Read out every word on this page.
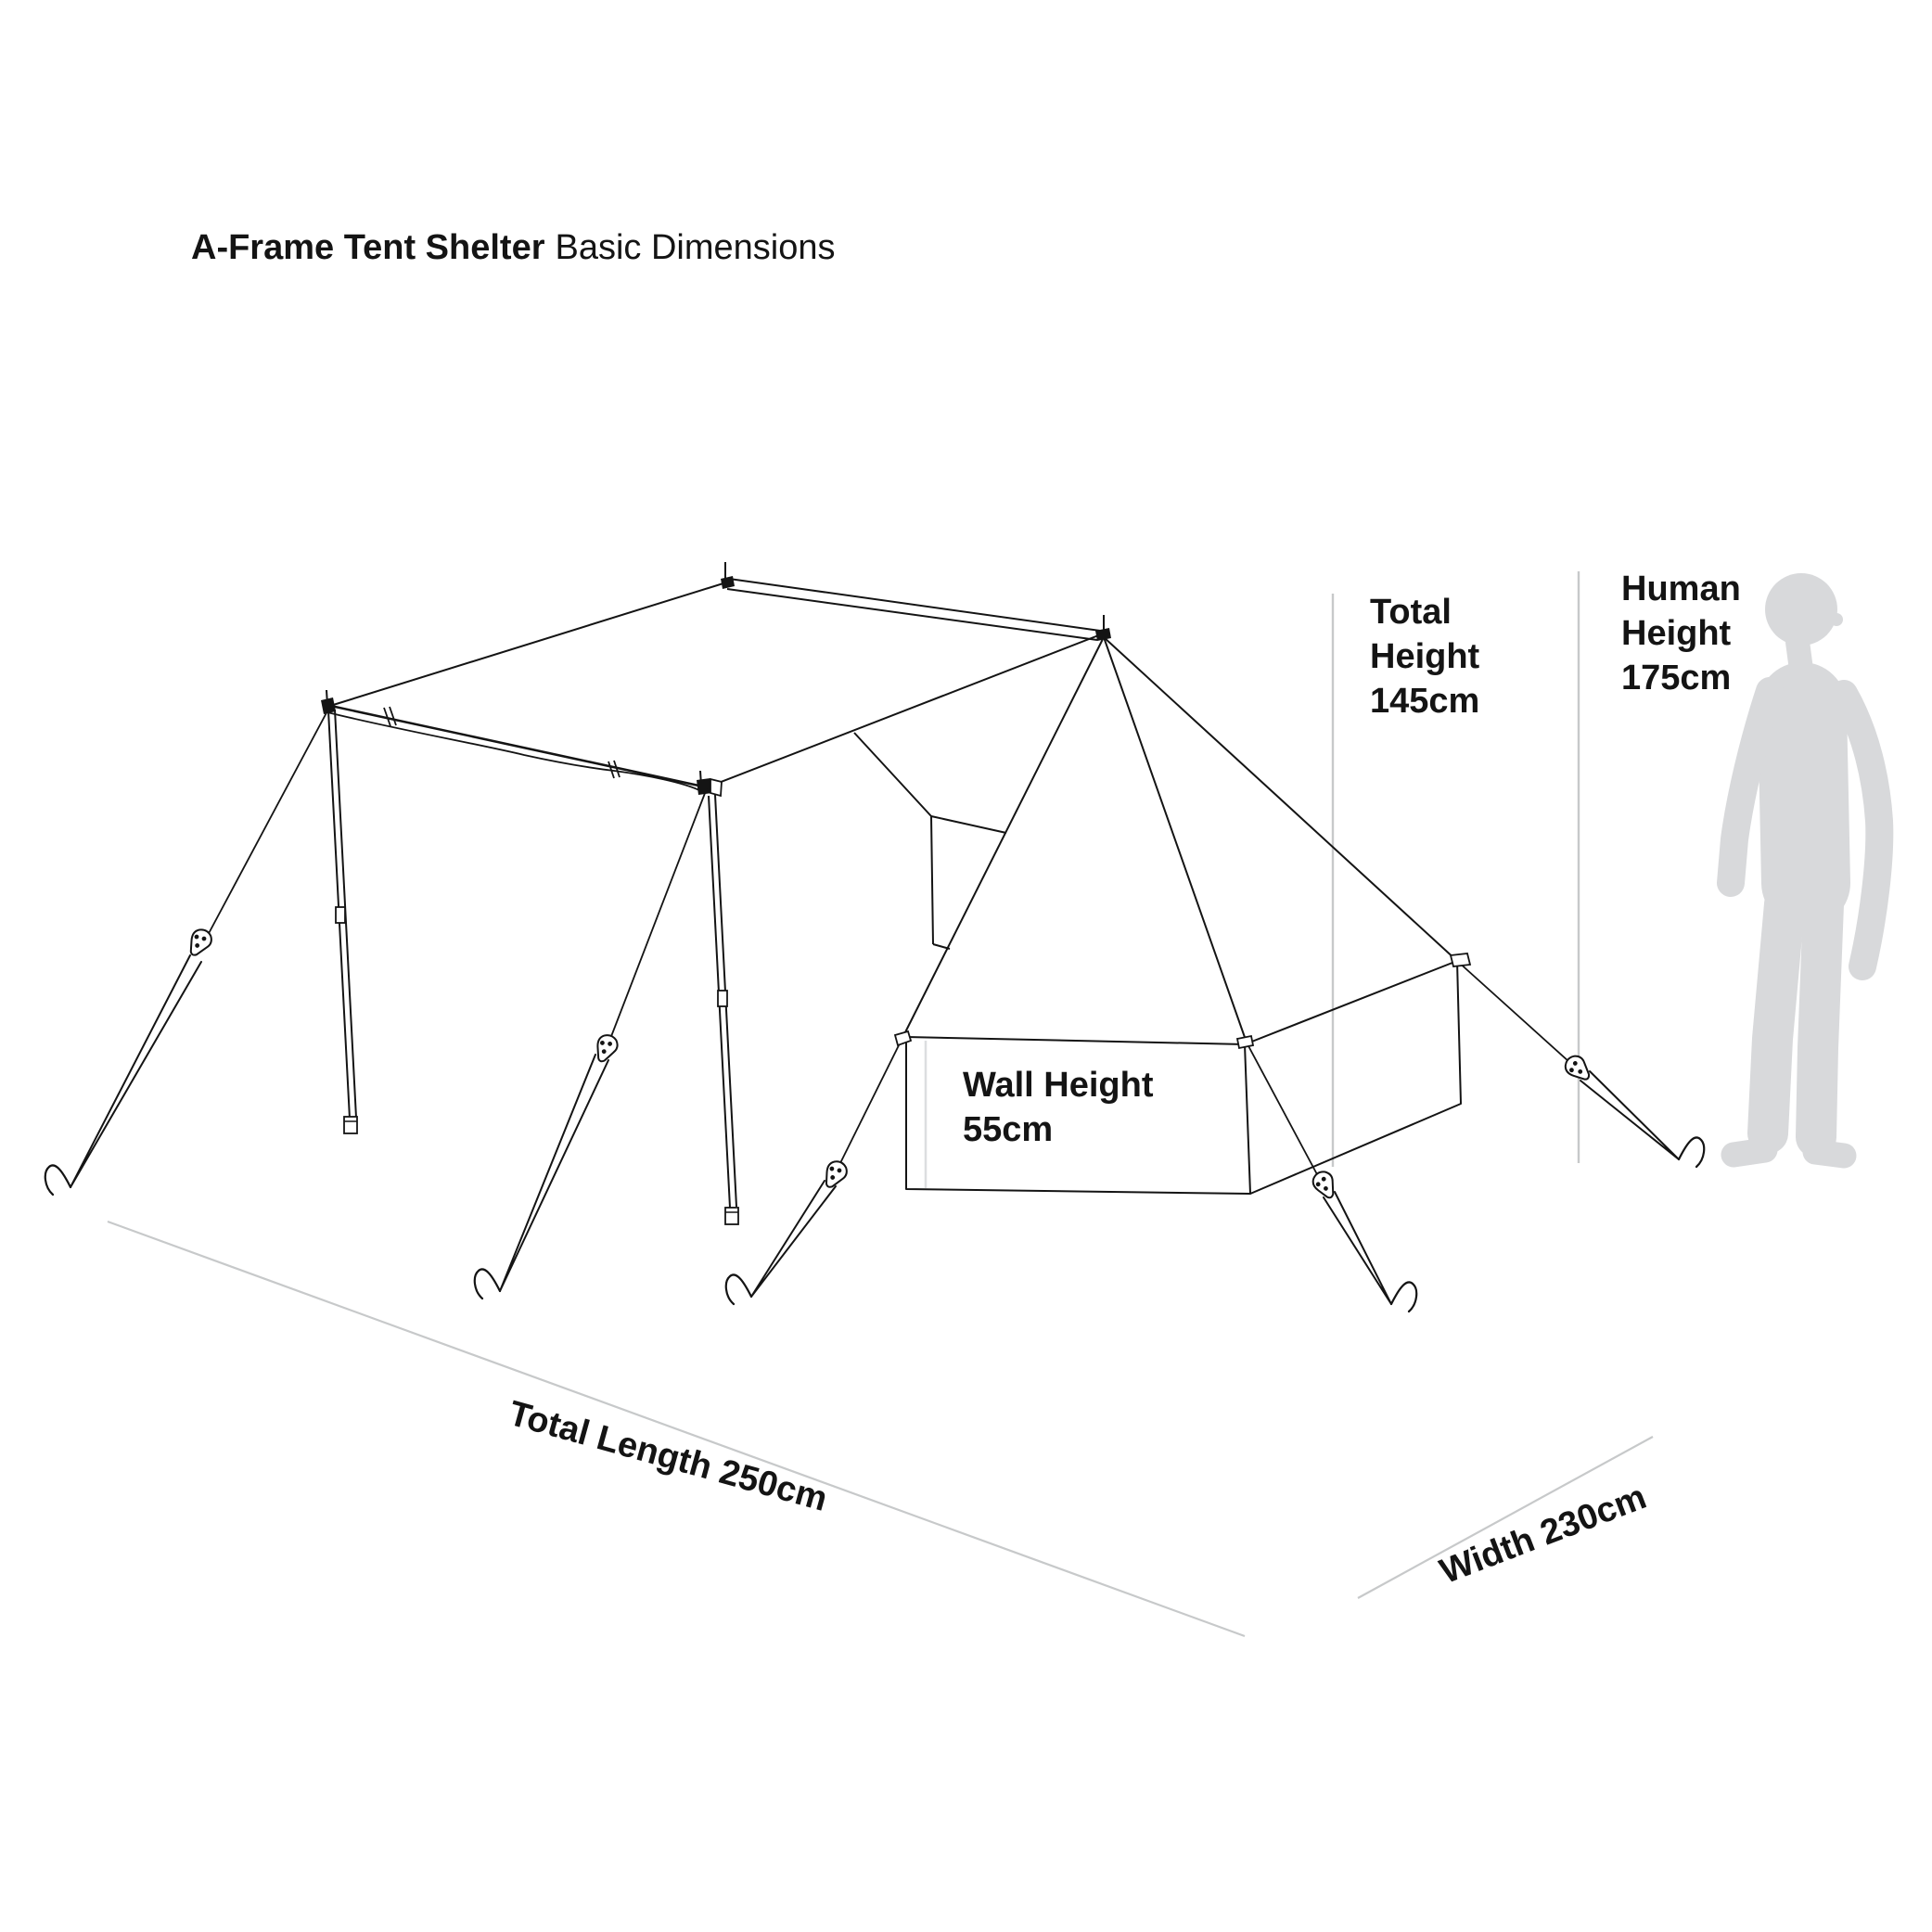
A-Frame Tent Shelter Basic Dimensions
Total
Height
145cm
Human
Height
175cm
Wall Height
55cm
Total Length 250cm
Width 230cm
